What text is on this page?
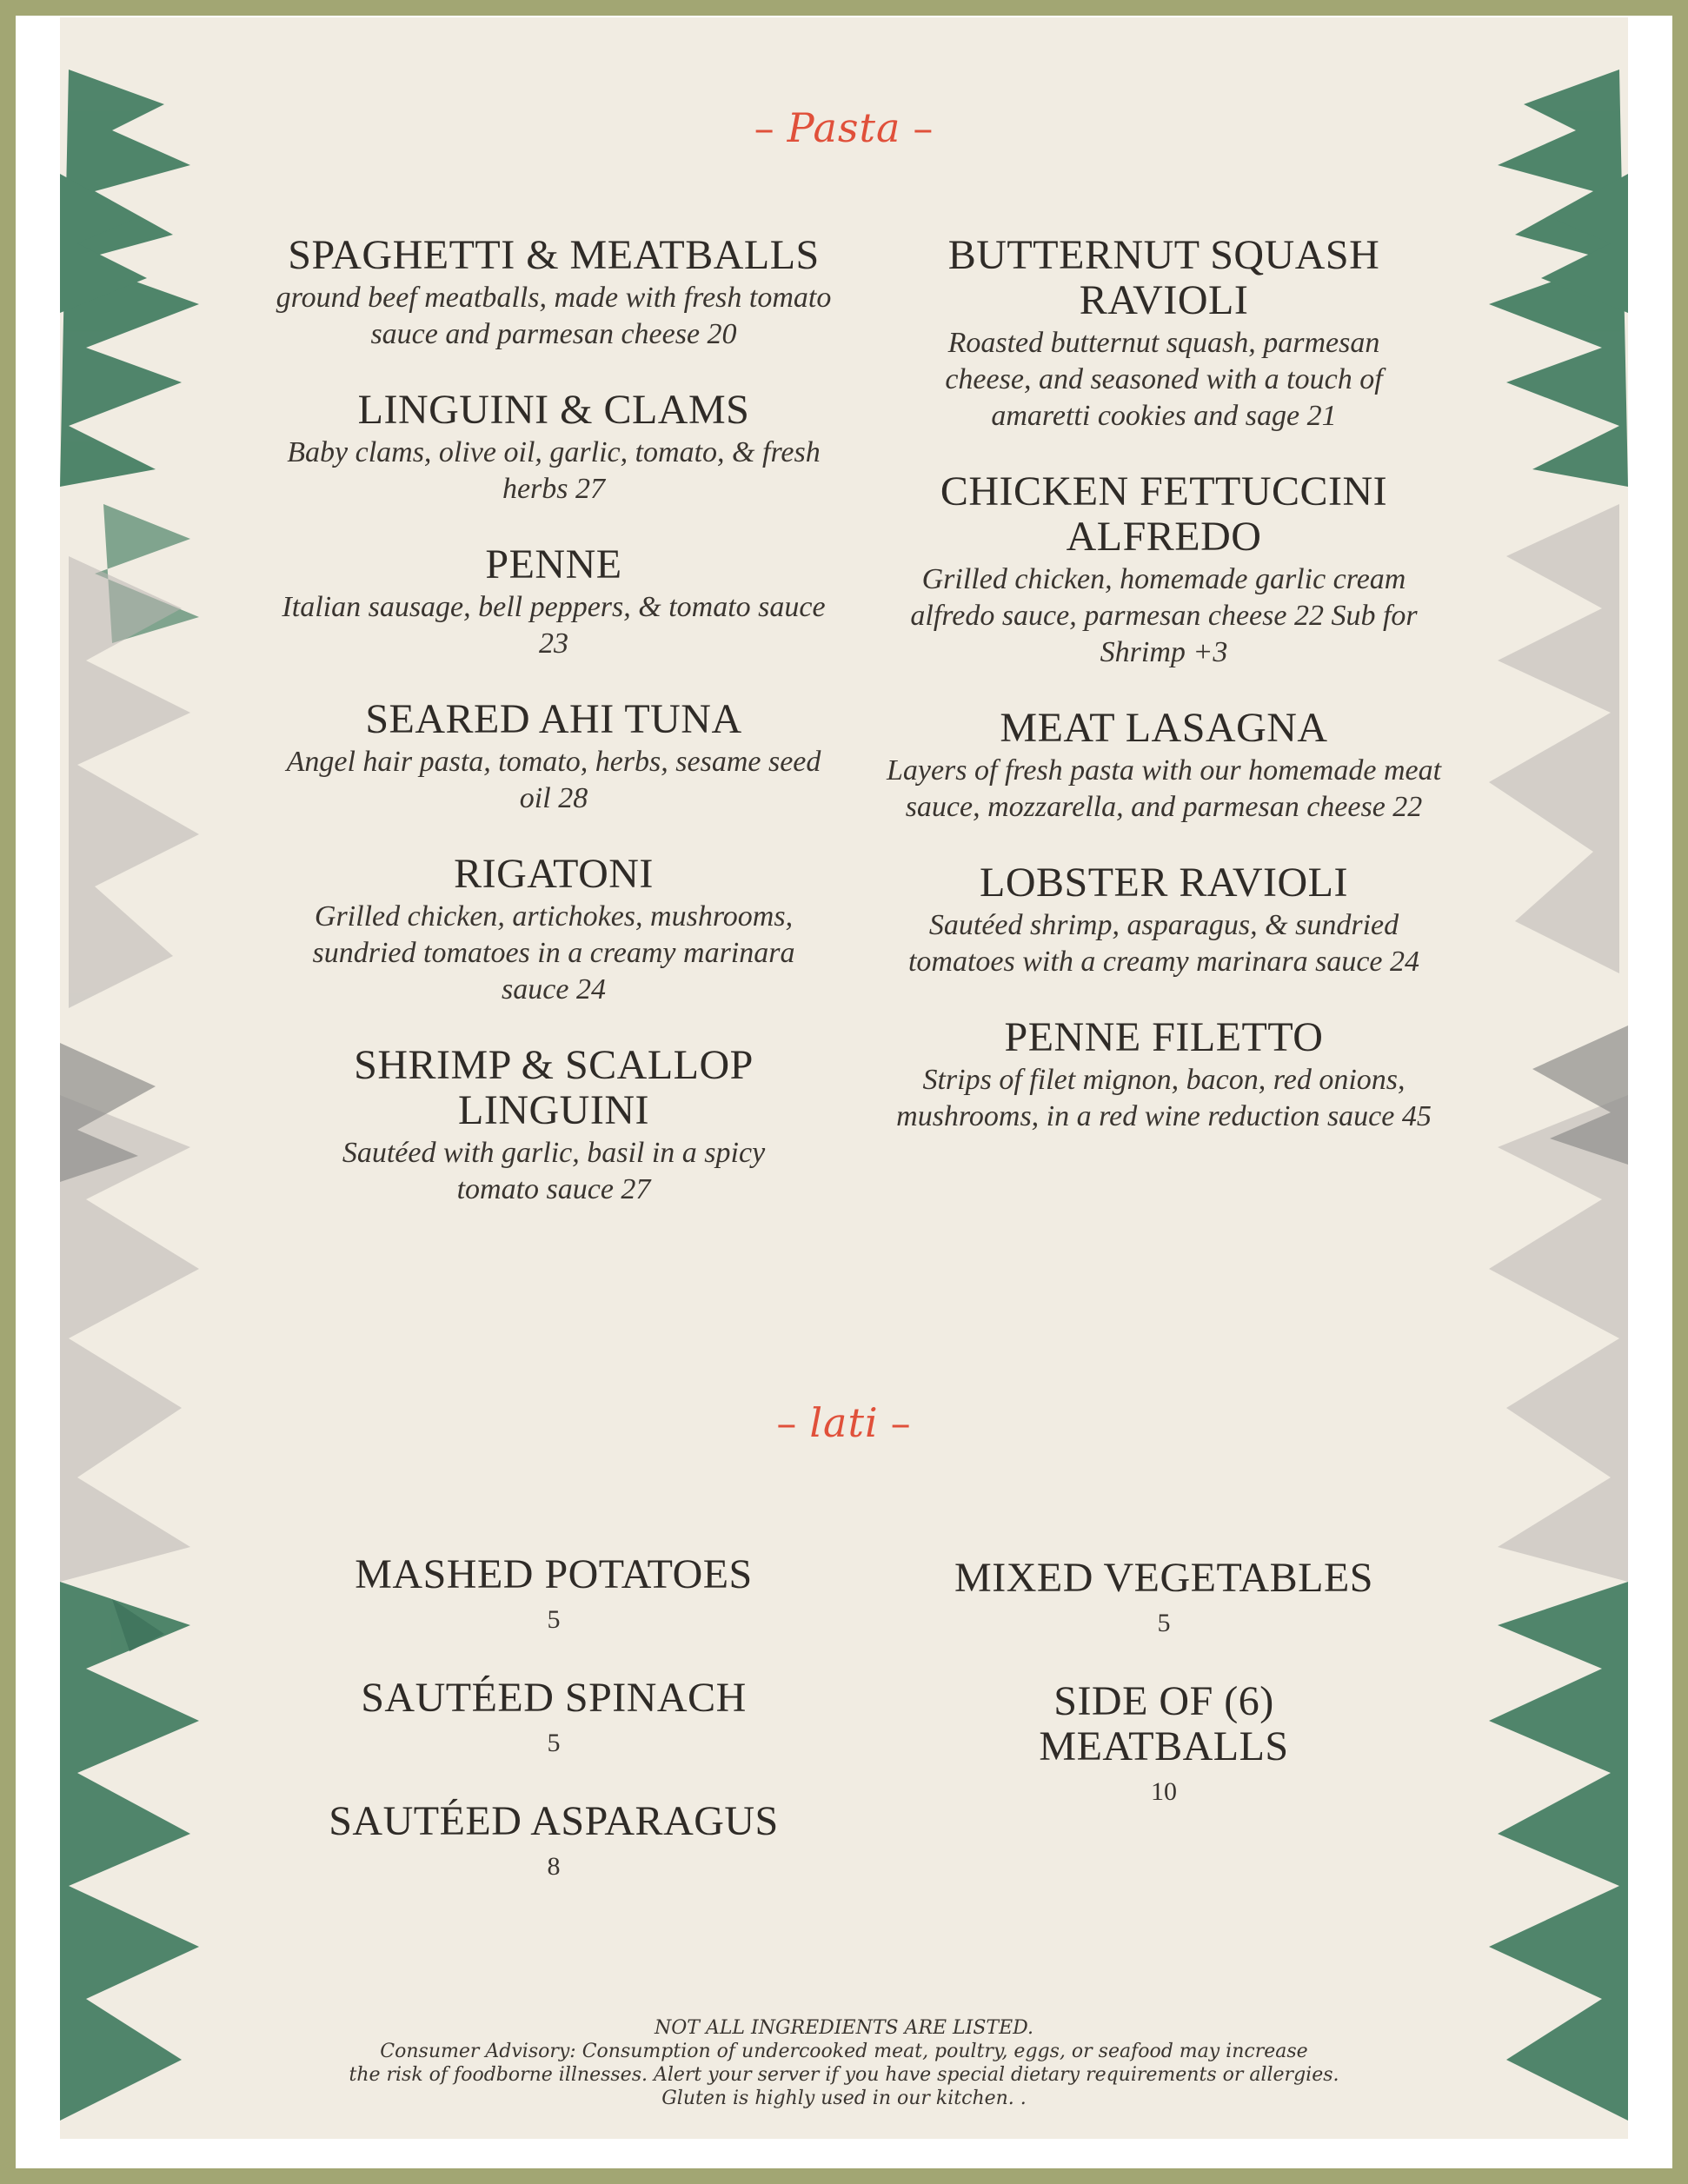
– Pasta –
SPAGHETTI & MEATBALLS
ground beef meatballs, made with fresh tomato sauce and parmesan cheese 20
LINGUINI & CLAMS
Baby clams, olive oil, garlic, tomato, & fresh herbs 27
PENNE
Italian sausage, bell peppers, & tomato sauce 23
SEARED AHI TUNA
Angel hair pasta, tomato, herbs, sesame seed oil 28
RIGATONI
Grilled chicken, artichokes, mushrooms, sundried tomatoes in a creamy marinara sauce 24
SHRIMP & SCALLOP LINGUINI
Sautéed with garlic, basil in a spicy tomato sauce 27
BUTTERNUT SQUASH RAVIOLI
Roasted butternut squash, parmesan cheese, and seasoned with a touch of amaretti cookies and sage 21
CHICKEN FETTUCCINI ALFREDO
Grilled chicken, homemade garlic cream alfredo sauce, parmesan cheese 22 Sub for Shrimp +3
MEAT LASAGNA
Layers of fresh pasta with our homemade meat sauce, mozzarella, and parmesan cheese 22
LOBSTER RAVIOLI
Sautéed shrimp, asparagus, & sundried tomatoes with a creamy marinara sauce 24
PENNE FILETTO
Strips of filet mignon, bacon, red onions, mushrooms, in a red wine reduction sauce 45
– lati –
MASHED POTATOES
5
SAUTÉED SPINACH
5
SAUTÉED ASPARAGUS
8
MIXED VEGETABLES
5
SIDE OF (6) MEATBALLS
10
NOT ALL INGREDIENTS ARE LISTED.
Consumer Advisory: Consumption of undercooked meat, poultry, eggs, or seafood may increase
the risk of foodborne illnesses. Alert your server if you have special dietary requirements or allergies.
Gluten is highly used in our kitchen. .
